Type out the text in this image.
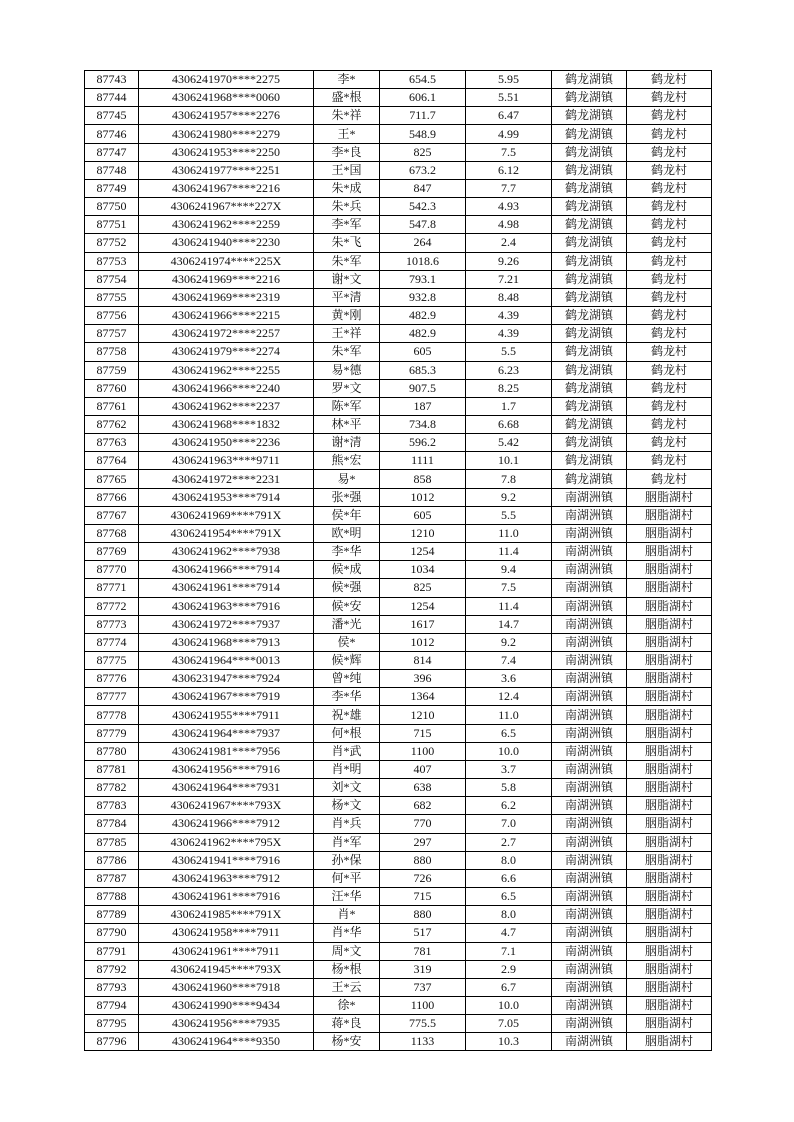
87743	4306241970****2275	李*	654.5	5.95	鹤龙湖镇	鹤龙村
87744	4306241968****0060	盛*根	606.1	5.51	鹤龙湖镇	鹤龙村
87745	4306241957****2276	朱*祥	711.7	6.47	鹤龙湖镇	鹤龙村
87746	4306241980****2279	王*	548.9	4.99	鹤龙湖镇	鹤龙村
87747	4306241953****2250	李*良	825	7.5	鹤龙湖镇	鹤龙村
87748	4306241977****2251	王*国	673.2	6.12	鹤龙湖镇	鹤龙村
87749	4306241967****2216	朱*成	847	7.7	鹤龙湖镇	鹤龙村
87750	4306241967****227X	朱*兵	542.3	4.93	鹤龙湖镇	鹤龙村
87751	4306241962****2259	李*军	547.8	4.98	鹤龙湖镇	鹤龙村
87752	4306241940****2230	朱*飞	264	2.4	鹤龙湖镇	鹤龙村
87753	4306241974****225X	朱*军	1018.6	9.26	鹤龙湖镇	鹤龙村
87754	4306241969****2216	谢*文	793.1	7.21	鹤龙湖镇	鹤龙村
87755	4306241969****2319	平*清	932.8	8.48	鹤龙湖镇	鹤龙村
87756	4306241966****2215	黄*刚	482.9	4.39	鹤龙湖镇	鹤龙村
87757	4306241972****2257	王*祥	482.9	4.39	鹤龙湖镇	鹤龙村
87758	4306241979****2274	朱*军	605	5.5	鹤龙湖镇	鹤龙村
87759	4306241962****2255	易*德	685.3	6.23	鹤龙湖镇	鹤龙村
87760	4306241966****2240	罗*文	907.5	8.25	鹤龙湖镇	鹤龙村
87761	4306241962****2237	陈*军	187	1.7	鹤龙湖镇	鹤龙村
87762	4306241968****1832	林*平	734.8	6.68	鹤龙湖镇	鹤龙村
87763	4306241950****2236	谢*清	596.2	5.42	鹤龙湖镇	鹤龙村
87764	4306241963****9711	熊*宏	1111	10.1	鹤龙湖镇	鹤龙村
87765	4306241972****2231	易*	858	7.8	鹤龙湖镇	鹤龙村
87766	4306241953****7914	张*强	1012	9.2	南湖洲镇	胭脂湖村
87767	4306241969****791X	侯*年	605	5.5	南湖洲镇	胭脂湖村
87768	4306241954****791X	欧*明	1210	11.0	南湖洲镇	胭脂湖村
87769	4306241962****7938	李*华	1254	11.4	南湖洲镇	胭脂湖村
87770	4306241966****7914	候*成	1034	9.4	南湖洲镇	胭脂湖村
87771	4306241961****7914	候*强	825	7.5	南湖洲镇	胭脂湖村
87772	4306241963****7916	候*安	1254	11.4	南湖洲镇	胭脂湖村
87773	4306241972****7937	潘*光	1617	14.7	南湖洲镇	胭脂湖村
87774	4306241968****7913	侯*	1012	9.2	南湖洲镇	胭脂湖村
87775	4306241964****0013	候*辉	814	7.4	南湖洲镇	胭脂湖村
87776	4306231947****7924	曾*纯	396	3.6	南湖洲镇	胭脂湖村
87777	4306241967****7919	李*华	1364	12.4	南湖洲镇	胭脂湖村
87778	4306241955****7911	祝*雄	1210	11.0	南湖洲镇	胭脂湖村
87779	4306241964****7937	何*根	715	6.5	南湖洲镇	胭脂湖村
87780	4306241981****7956	肖*武	1100	10.0	南湖洲镇	胭脂湖村
87781	4306241956****7916	肖*明	407	3.7	南湖洲镇	胭脂湖村
87782	4306241964****7931	刘*文	638	5.8	南湖洲镇	胭脂湖村
87783	4306241967****793X	杨*文	682	6.2	南湖洲镇	胭脂湖村
87784	4306241966****7912	肖*兵	770	7.0	南湖洲镇	胭脂湖村
87785	4306241962****795X	肖*军	297	2.7	南湖洲镇	胭脂湖村
87786	4306241941****7916	孙*保	880	8.0	南湖洲镇	胭脂湖村
87787	4306241963****7912	何*平	726	6.6	南湖洲镇	胭脂湖村
87788	4306241961****7916	汪*华	715	6.5	南湖洲镇	胭脂湖村
87789	4306241985****791X	肖*	880	8.0	南湖洲镇	胭脂湖村
87790	4306241958****7911	肖*华	517	4.7	南湖洲镇	胭脂湖村
87791	4306241961****7911	周*文	781	7.1	南湖洲镇	胭脂湖村
87792	4306241945****793X	杨*根	319	2.9	南湖洲镇	胭脂湖村
87793	4306241960****7918	王*云	737	6.7	南湖洲镇	胭脂湖村
87794	4306241990****9434	徐*	1100	10.0	南湖洲镇	胭脂湖村
87795	4306241956****7935	蒋*良	775.5	7.05	南湖洲镇	胭脂湖村
87796	4306241964****9350	杨*安	1133	10.3	南湖洲镇	胭脂湖村
